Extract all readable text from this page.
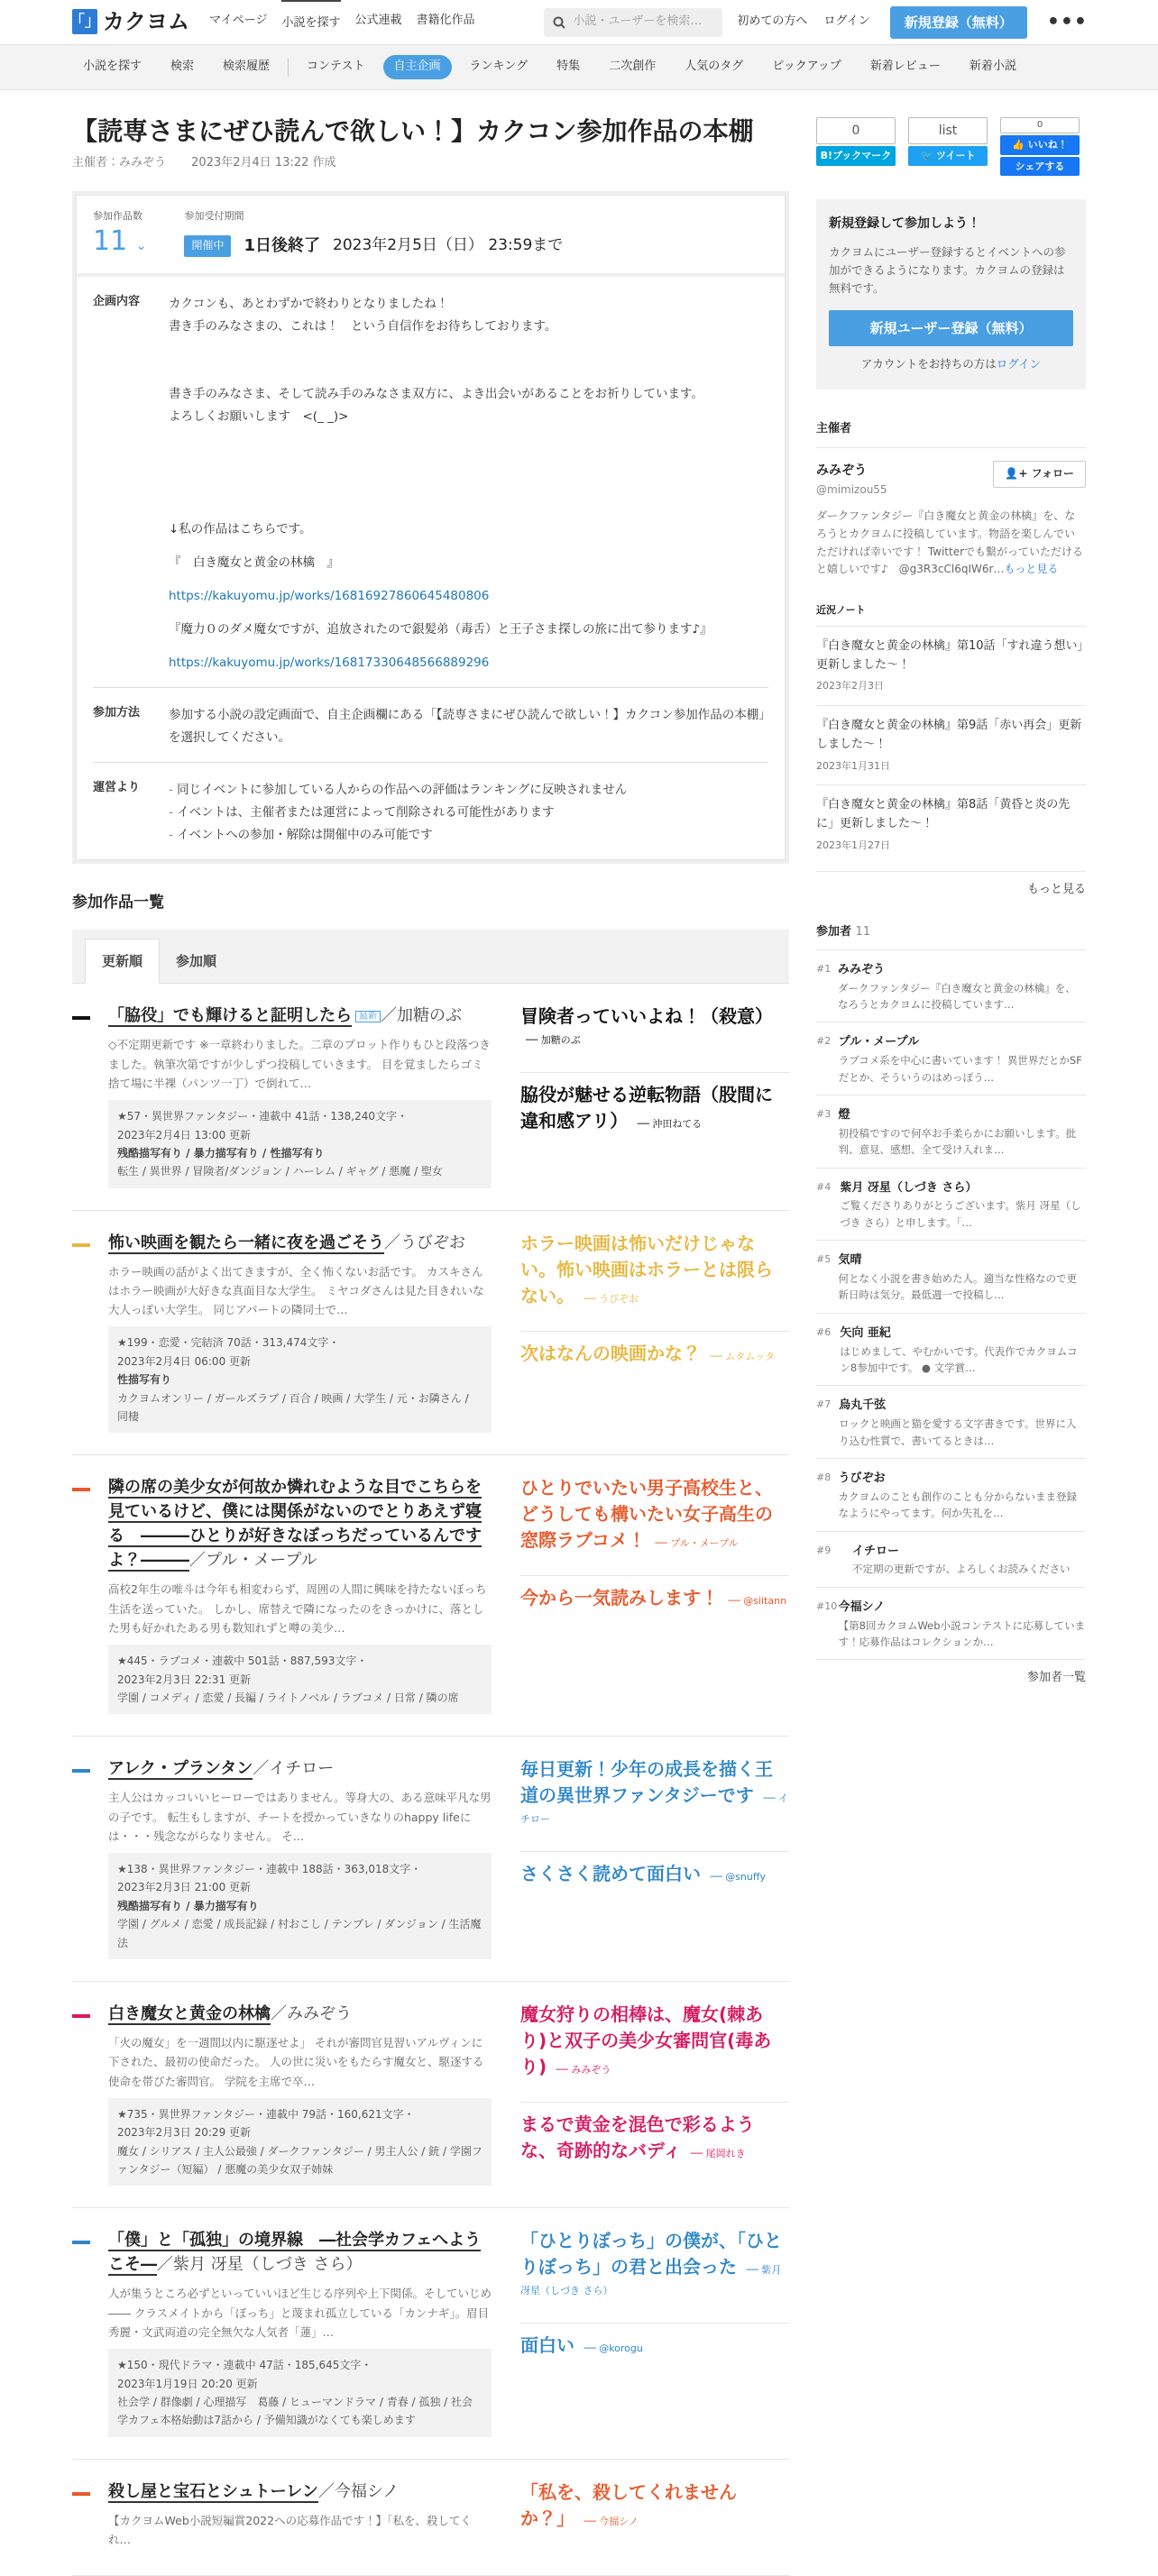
「」 カクヨム マイページ 小説を探す 公式連載 書籍化作品	小説・ユーザーを検索…	初めての方へ ログイン	新規登録（無料）	•••
小説を探す	検索	検索履歴	コンテスト	自主企画	ランキング	特集	二次創作	人気のタグ	ピックアップ	新着レビュー	新着小説
【読専さまにぜひ読んで欲しい！】カクコン参加作品の本棚
主催者：みみぞう 2023年2月4日 13:22 作成
参加作品数
11 ⌄
参加受付期間
開催中	1日後終了 2023年2月5日（日） 23:59まで
企画内容	カクコンも、あとわずかで終わりとなりましたね！

書き手のみなさまの、これは！　という自信作をお待ちしております。

書き手のみなさま、そして読み手のみなさま双方に、よき出会いがあることをお祈りしています。

よろしくお願いします　<(_ _)>

↓私の作品はこちらです。

『　白き魔女と黄金の林檎　』

https://kakuyomu.jp/works/16816927860645480806

『魔力０のダメ魔女ですが、追放されたので銀髪弟（毒舌）と王子さま探しの旅に出て参ります♪』

https://kakuyomu.jp/works/16817330648566889296

参加方法	参加する小説の設定画面で、自主企画欄にある「【読専さまにぜひ読んで欲しい！】カクコン参加作品の本棚」を選択してください。
運営より
-	同じイベントに参加している人からの作品への評価はランキングに反映されません
- イベントは、主催者または運営によって削除される可能性があります
- イベントへの参加・解除は開催中のみ可能です
参加作品一覧
更新順	参加順
「脇役」でも輝けると証明したら 最新 ／加糖のぶ
◇不定期更新です ※一章終わりました。二章のプロット作りもひと段落つきました。執筆次第ですが少しずつ投稿していきます。 目を覚ましたらゴミ捨て場に半裸（パンツ一丁）で倒れて…
★57・異世界ファンタジー・連載中 41話・138,240文字・
2023年2月4日 13:00 更新
残酷描写有り / 暴力描写有り / 性描写有り
転生 / 異世界 / 冒険者/ダンジョン / ハーレム / ギャグ / 悪魔 / 聖女
冒険者っていいよね！（殺意） ── 加糖のぶ
脇役が魅せる逆転物語（股間に違和感アリ） ── 沖田ねてる
怖い映画を観たら一緒に夜を過ごそう／うびぞお
ホラー映画の話がよく出てきますが、全く怖くないお話です。 カスキさんはホラー映画が大好きな真面目な大学生。 ミヤコダさんは見た目きれいな大人っぽい大学生。 同じアパートの隣同士で…
★199・恋愛・完結済 70話・313,474文字・
2023年2月4日 06:00 更新
性描写有り
カクヨムオンリー / ガールズラブ / 百合 / 映画 / 大学生 / 元・お隣さん / 同棲
ホラー映画は怖いだけじゃない。怖い映画はホラーとは限らない。 ── うびぞお
次はなんの映画かな？ ── ムタムッタ
隣の席の美少女が何故か憐れむような目でこちらを見ているけど、僕には関係がないのでとりあえず寝る　―――ひとりが好きなぼっちだっているんですよ？―――／プル・メープル
高校2年生の唯斗は今年も相変わらず、周囲の人間に興味を持たないぼっち生活を送っていた。 しかし、席替えで隣になったのをきっかけに、落とした男も好かれたある男も数知れずと噂の美少…
★445・ラブコメ・連載中 501話・887,593文字・
2023年2月3日 22:31 更新
学園 / コメディ / 恋愛 / 長編 / ライトノベル / ラブコメ / 日常 / 隣の席
ひとりでいたい男子高校生と、どうしても構いたい女子高生の窓際ラブコメ！ ── プル・メープル
今から一気読みします！ ── @siitann
アレク・プランタン／イチロー
主人公はカッコいいヒーローではありません。等身大の、ある意味平凡な男の子です。 転生もしますが、チートを授かっていきなりのhappy lifeには・・・残念ながらなりません。 そ…
★138・異世界ファンタジー・連載中 188話・363,018文字・
2023年2月3日 21:00 更新
残酷描写有り / 暴力描写有り
学園 / グルメ / 恋愛 / 成長記録 / 村おこし / テンプレ / ダンジョン / 生活魔法
毎日更新！少年の成長を描く王道の異世界ファンタジーです ── イチロー
さくさく読めて面白い ── @snuffy
白き魔女と黄金の林檎／みみぞう
「火の魔女」を一週間以内に駆逐せよ」 それが審問官見習いアルヴィンに下された、最初の使命だった。 人の世に災いをもたらす魔女と、駆逐する使命を帯びた審問官。 学院を主席で卒…
★735・異世界ファンタジー・連載中 79話・160,621文字・
2023年2月3日 20:29 更新
魔女 / シリアス / 主人公最強 / ダークファンタジー / 男主人公 / 銃 / 学園ファンタジー（短編） / 悪魔の美少女双子姉妹
魔女狩りの相棒は、魔女(棘あり)と双子の美少女審問官(毒あり) ── みみぞう
まるで黄金を混色で彩るような、奇跡的なバディ ── 尾岡れき
「僕」と「孤独」の境界線　―社会学カフェへようこそ―／紫月 冴星（しづき さら）
人が集うところ必ずといっていいほど生じる序列や上下関係。そしていじめ―― クラスメイトから「ぼっち」と蔑まれ孤立している「カンナギ」。眉目秀麗・文武両道の完全無欠な人気者「蓮」…
★150・現代ドラマ・連載中 47話・185,645文字・
2023年1月19日 20:20 更新
社会学 / 群像劇 / 心理描写　葛藤 / ヒューマンドラマ / 青春 / 孤独 / 社会学カフェ本格始動は7話から / 予備知識がなくても楽しめます
「ひとりぼっち」の僕が、「ひとりぼっち」の君と出会った ── 紫月 冴星（しづき さら）
面白い ── @korogu
殺し屋と宝石とシュトーレン／今福シノ
【カクヨムWeb小説短編賞2022への応募作品です！】「私を、殺してくれ…
「私を、殺してくれませんか？」 ── 今福シノ
0
B!ブックマーク
list
🐦 ツイート
0
👍 いいね！
シェアする
新規登録して参加しよう！

カクヨムにユーザー登録するとイベントへの参加ができるようになります。カクヨムの登録は無料です。

新規ユーザー登録（無料）
アカウントをお持ちの方はログイン
主催者
みみぞう
@mimizou55
👤+ フォロー
ダークファンタジー『白き魔女と黄金の林檎』を、なろうとカクヨムに投稿しています。物語を楽しんでいただければ幸いです！ Twitterでも繋がっていただけると嬉しいです♪　@g3R3cCl6qIW6r…もっと見る
近況ノート
『白き魔女と黄金の林檎』第10話「すれ違う想い」更新しました～！
2023年2月3日
『白き魔女と黄金の林檎』第9話「赤い再会」更新しました～！
2023年1月31日
『白き魔女と黄金の林檎』第8話「黄昏と炎の先に」更新しました～！
2023年1月27日
もっと見る
参加者 11
#1 みみぞう
ダークファンタジー『白き魔女と黄金の林檎』を、なろうとカクヨムに投稿しています…
#2 プル・メープル
ラブコメ系を中心に書いています！ 異世界だとかSFだとか、そういうのはめっぽう…
#3 燈
初投稿ですので何卒お手柔らかにお願いします。批判、意見、感想、全て受け入れま…
#4 紫月 冴星（しづき さら）
ご覧くださりありがとうございます。紫月 冴星（しづき さら）と申します。「…
#5 気晴
何となく小説を書き始めた人。適当な性格なので更新日時は気分。最低週一で投稿し…
#6 矢向 亜紀
はじめまして、やむかいです。代表作でカクヨムコン8参加中です。 ● 文学賞…
#7 烏丸千弦
ロックと映画と猫を愛する文字書きです。世界に入り込む性質で、書いてるときは…
#8 うびぞお
カクヨムのことも創作のことも分からないまま登録なようにやってます。何か失礼を…
#9	イチロー
不定期の更新ですが、よろしくお読みください
#10 今福シノ
【第8回カクヨムWeb小説コンテストに応募しています！応募作品はコレクションか…
参加者一覧
